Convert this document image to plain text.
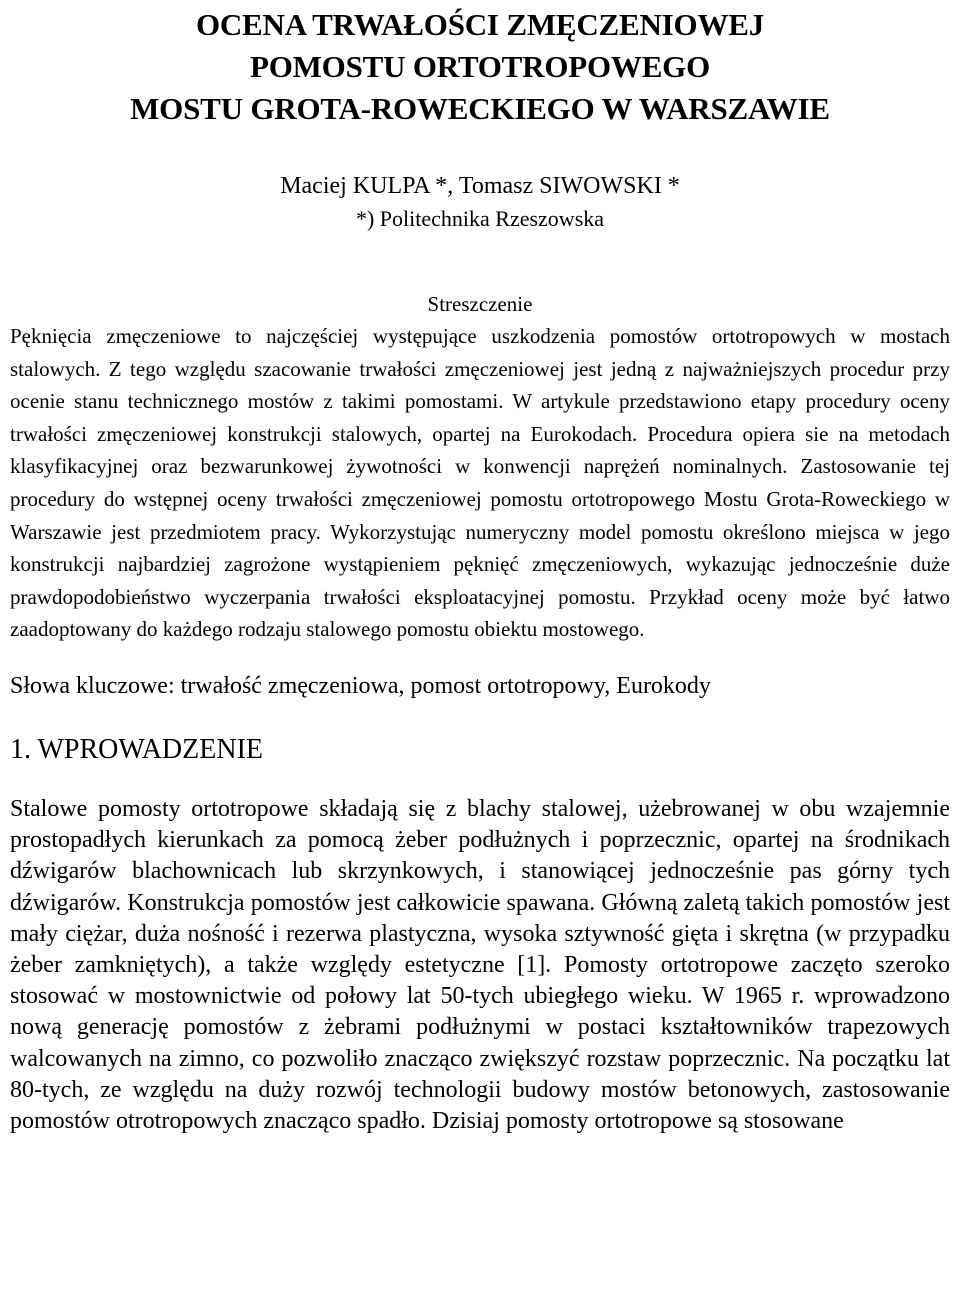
OCENA TRWAŁOŚCI ZMĘCZENIOWEJ
POMOSTU ORTOTROPOWEGO
MOSTU GROTA-ROWECKIEGO W WARSZAWIE
Maciej KULPA *, Tomasz SIWOWSKI *
*) Politechnika Rzeszowska
Streszczenie

Pęknięcia zmęczeniowe to najczęściej występujące uszkodzenia pomostów ortotropowych w mostach stalowych. Z tego względu szacowanie trwałości zmęczeniowej jest jedną z najważniejszych procedur przy ocenie stanu technicznego mostów z takimi pomostami. W artykule przedstawiono etapy procedury oceny trwałości zmęczeniowej konstrukcji stalowych, opartej na Eurokodach. Procedura opiera sie na metodach klasyfikacyjnej oraz bezwarunkowej żywotności w konwencji naprężeń nominalnych. Zastosowanie tej procedury do wstępnej oceny trwałości zmęczeniowej pomostu ortotropowego Mostu Grota-Roweckiego w Warszawie jest przedmiotem pracy. Wykorzystując numeryczny model pomostu określono miejsca w jego konstrukcji najbardziej zagrożone wystąpieniem pęknięć zmęczeniowych, wykazując jednocześnie duże prawdopodobieństwo wyczerpania trwałości eksploatacyjnej pomostu. Przykład oceny może być łatwo zaadoptowany do każdego rodzaju stalowego pomostu obiektu mostowego.

Słowa kluczowe: trwałość zmęczeniowa, pomost ortotropowy, Eurokody
1. WPROWADZENIE

Stalowe pomosty ortotropowe składają się z blachy stalowej, użebrowanej w obu wzajemnie prostopadłych kierunkach za pomocą żeber podłużnych i poprzecznic, opartej na środnikach dźwigarów blachownicach lub skrzynkowych, i stanowiącej jednocześnie pas górny tych dźwigarów. Konstrukcja pomostów jest całkowicie spawana. Główną zaletą takich pomostów jest mały ciężar, duża nośność i rezerwa plastyczna, wysoka sztywność gięta i skrętna (w przypadku żeber zamkniętych), a także względy estetyczne [1]. Pomosty ortotropowe zaczęto szeroko stosować w mostownictwie od połowy lat 50-tych ubiegłego wieku. W 1965 r. wprowadzono nową generację pomostów z żebrami podłużnymi w postaci kształtowników trapezowych walcowanych na zimno, co pozwoliło znacząco zwiększyć rozstaw poprzecznic. Na początku lat 80-tych, ze względu na duży rozwój technologii budowy mostów betonowych, zastosowanie pomostów otrotropowych znacząco spadło. Dzisiaj pomosty ortotropowe są stosowane
